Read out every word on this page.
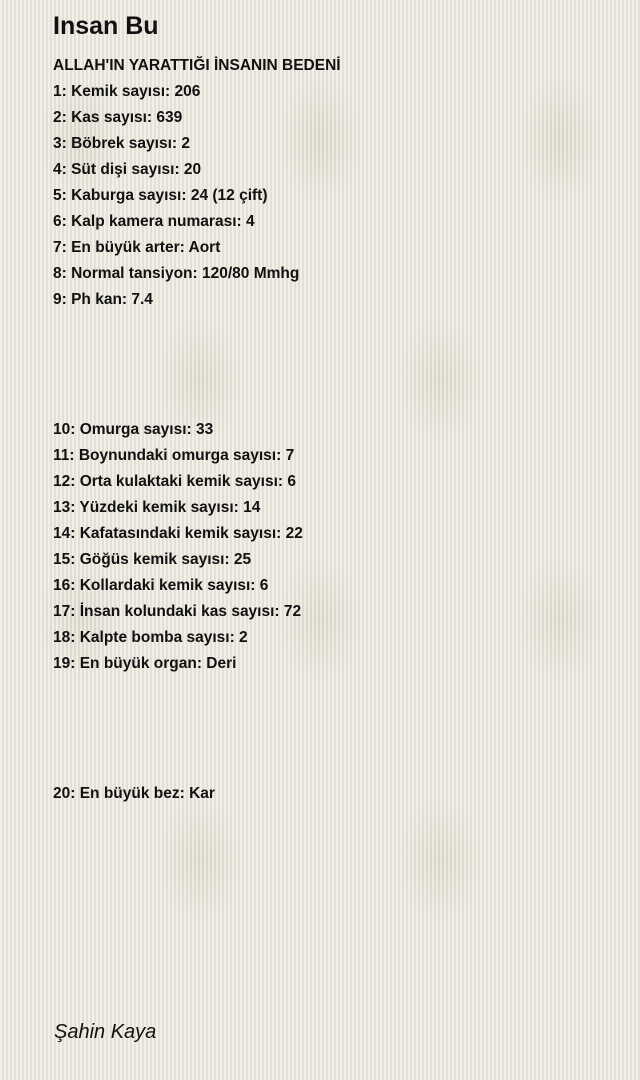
Insan Bu
ALLAH'IN YARATTIĞI İNSANIN BEDENİ
1: Kemik sayısı: 206
2: Kas sayısı: 639
3: Böbrek sayısı: 2
4: Süt dişi sayısı: 20
5: Kaburga sayısı: 24 (12 çift)
6: Kalp kamera numarası: 4
7: En büyük arter: Aort
8: Normal tansiyon: 120/80 Mmhg
9: Ph kan: 7.4
10: Omurga sayısı: 33
11: Boynundaki omurga sayısı: 7
12: Orta kulaktaki kemik sayısı: 6
13: Yüzdeki kemik sayısı: 14
14: Kafatasındaki kemik sayısı: 22
15: Göğüs kemik sayısı: 25
16: Kollardaki kemik sayısı: 6
17: İnsan kolundaki kas sayısı: 72
18: Kalpte bomba sayısı: 2
19: En büyük organ: Deri
20: En büyük bez: Kar
Şahin Kaya
